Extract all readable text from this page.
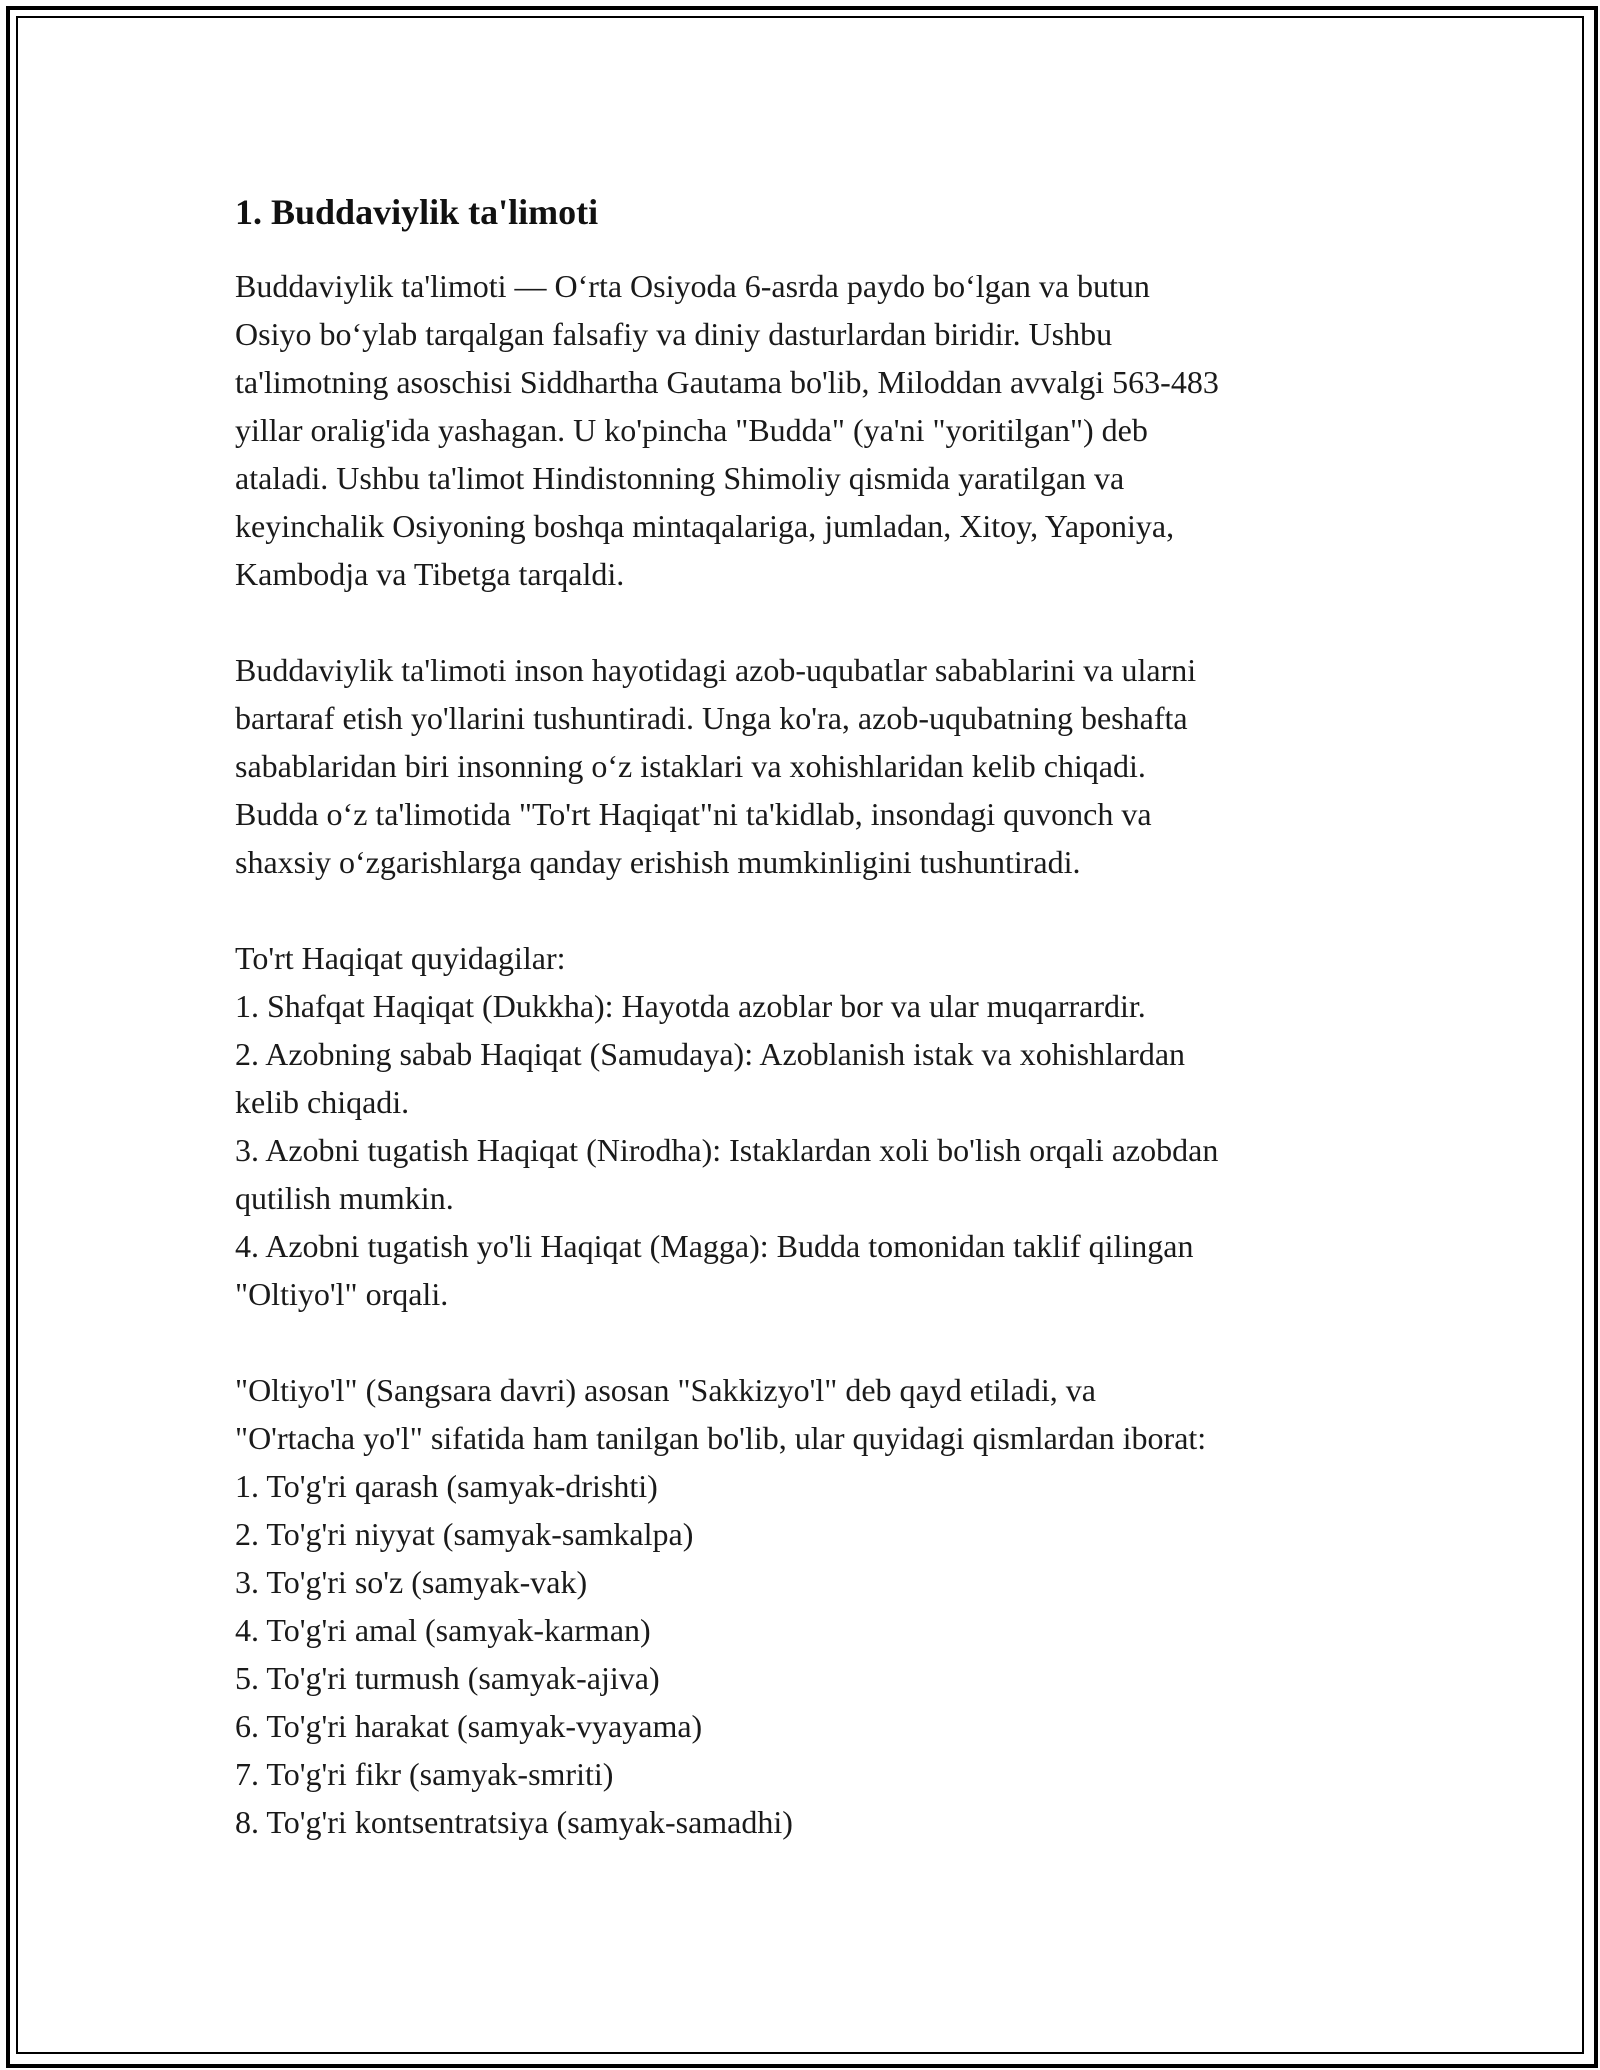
1. Buddaviylik ta'limoti
Buddaviylik ta'limoti — Oʻrta Osiyoda 6-asrda paydo boʻlgan va butun
Osiyo boʻylab tarqalgan falsafiy va diniy dasturlardan biridir. Ushbu
ta'limotning asoschisi Siddhartha Gautama bo'lib, Miloddan avvalgi 563-483
yillar oralig'ida yashagan. U ko'pincha "Budda" (ya'ni "yoritilgan") deb
ataladi. Ushbu ta'limot Hindistonning Shimoliy qismida yaratilgan va
keyinchalik Osiyoning boshqa mintaqalariga, jumladan, Xitoy, Yaponiya,
Kambodja va Tibetga tarqaldi.
Buddaviylik ta'limoti inson hayotidagi azob-uqubatlar sabablarini va ularni
bartaraf etish yo'llarini tushuntiradi. Unga ko'ra, azob-uqubatning beshafta
sabablaridan biri insonning oʻz istaklari va xohishlaridan kelib chiqadi.
Budda oʻz ta'limotida "To'rt Haqiqat"ni ta'kidlab, insondagi quvonch va
shaxsiy oʻzgarishlarga qanday erishish mumkinligini tushuntiradi.
To'rt Haqiqat quyidagilar:
1. Shafqat Haqiqat (Dukkha): Hayotda azoblar bor va ular muqarrardir.
2. Azobning sabab Haqiqat (Samudaya): Azoblanish istak va xohishlardan
kelib chiqadi.
3. Azobni tugatish Haqiqat (Nirodha): Istaklardan xoli bo'lish orqali azobdan
qutilish mumkin.
4. Azobni tugatish yo'li Haqiqat (Magga): Budda tomonidan taklif qilingan
"Oltiyo'l" orqali.
"Oltiyo'l" (Sangsara davri) asosan "Sakkizyo'l" deb qayd etiladi, va
"O'rtacha yo'l" sifatida ham tanilgan bo'lib, ular quyidagi qismlardan iborat:
1. To'g'ri qarash (samyak-drishti)
2. To'g'ri niyyat (samyak-samkalpa)
3. To'g'ri so'z (samyak-vak)
4. To'g'ri amal (samyak-karman)
5. To'g'ri turmush (samyak-ajiva)
6. To'g'ri harakat (samyak-vyayama)
7. To'g'ri fikr (samyak-smriti)
8. To'g'ri kontsentratsiya (samyak-samadhi)
